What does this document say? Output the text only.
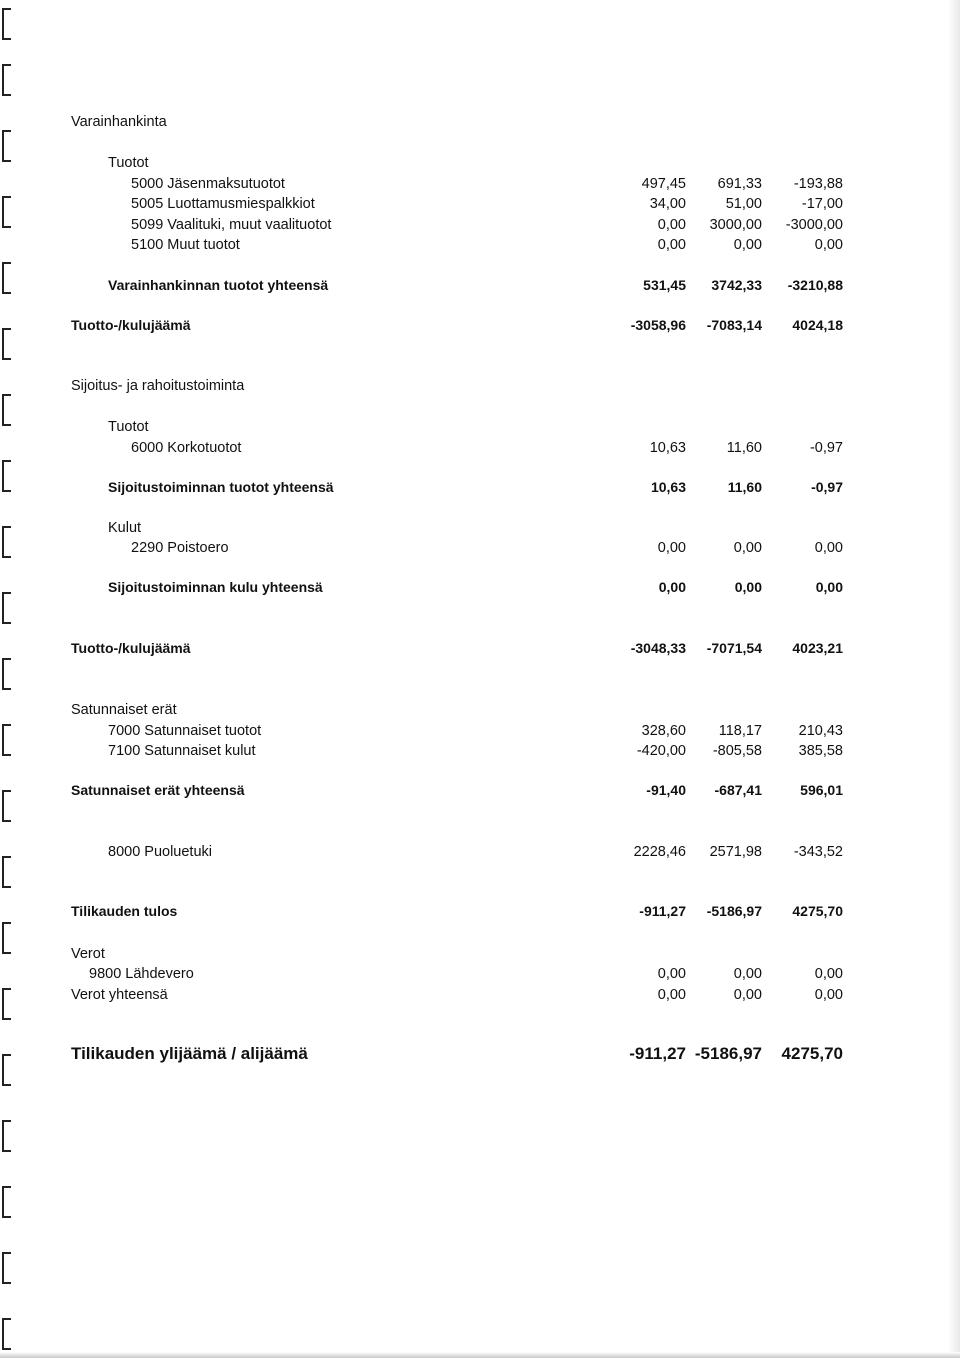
Varainhankinta
Tuotot
5000 Jäsenmaksutuotot	497,45	691,33	-193,88
5005 Luottamusmiespalkkiot	34,00	51,00	-17,00
5099 Vaalituki, muut vaalituotot	0,00	3000,00	-3000,00
5100 Muut tuotot	0,00	0,00	0,00
Varainhankinnan tuotot yhteensä	531,45	3742,33	-3210,88
Tuotto-/kulujäämä	-3058,96	-7083,14	4024,18
Sijoitus- ja rahoitustoiminta
Tuotot
6000 Korkotuotot	10,63	11,60	-0,97
Sijoitustoiminnan tuotot yhteensä	10,63	11,60	-0,97
Kulut
2290 Poistoero	0,00	0,00	0,00
Sijoitustoiminnan kulu yhteensä	0,00	0,00	0,00
Tuotto-/kulujäämä	-3048,33	-7071,54	4023,21
Satunnaiset erät
7000 Satunnaiset tuotot	328,60	118,17	210,43
7100 Satunnaiset kulut	-420,00	-805,58	385,58
Satunnaiset erät yhteensä	-91,40	-687,41	596,01
8000 Puoluetuki	2228,46	2571,98	-343,52
Tilikauden tulos	-911,27	-5186,97	4275,70
Verot
9800 Lähdevero	0,00	0,00	0,00
Verot yhteensä	0,00	0,00	0,00
Tilikauden ylijäämä / alijäämä	-911,27 -5186,97	4275,70
